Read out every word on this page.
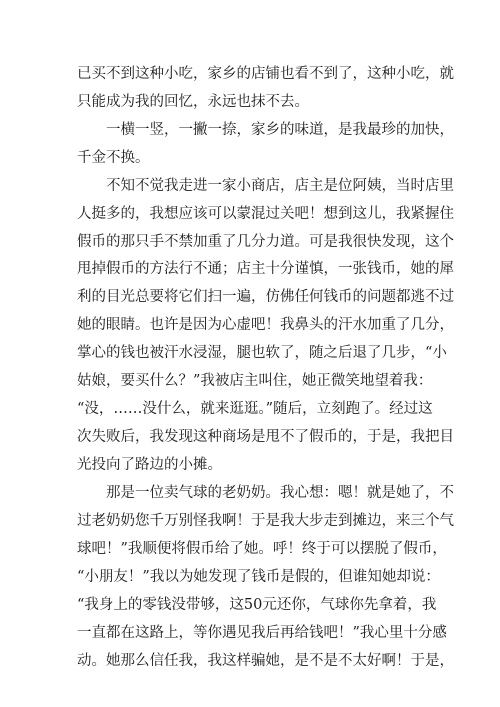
已买不到这种小吃，家乡的店铺也看不到了，这种小吃，就
只能成为我的回忆，永远也抹不去。
　　一横一竖，一撇一捺，家乡的味道，是我最珍的加快，
千金不换。
　　不知不觉我走进一家小商店，店主是位阿姨，当时店里
人挺多的，我想应该可以蒙混过关吧！想到这儿，我紧握住
假币的那只手不禁加重了几分力道。可是我很快发现，这个
甩掉假币的方法行不通；店主十分谨慎，一张钱币，她的犀
利的目光总要将它们扫一遍，仿佛任何钱币的问题都逃不过
她的眼睛。也许是因为心虚吧！我鼻头的汗水加重了几分，
掌心的钱也被汗水浸湿，腿也软了，随之后退了几步，“小
姑娘，要买什么？”我被店主叫住，她正微笑地望着我：
“没，……没什么，就来逛逛。”随后，立刻跑了。经过这
次失败后，我发现这种商场是甩不了假币的，于是，我把目
光投向了路边的小摊。
　　那是一位卖气球的老奶奶。我心想：嗯！就是她了，不
过老奶奶您千万别怪我啊！于是我大步走到摊边，来三个气
球吧！”我顺便将假币给了她。呼！终于可以摆脱了假币，
“小朋友！”我以为她发现了钱币是假的，但谁知她却说：
“我身上的零钱没带够，这50元还你，气球你先拿着，我
一直都在这路上，等你遇见我后再给钱吧！”我心里十分感
动。她那么信任我，我这样骗她，是不是不太好啊！于是，
